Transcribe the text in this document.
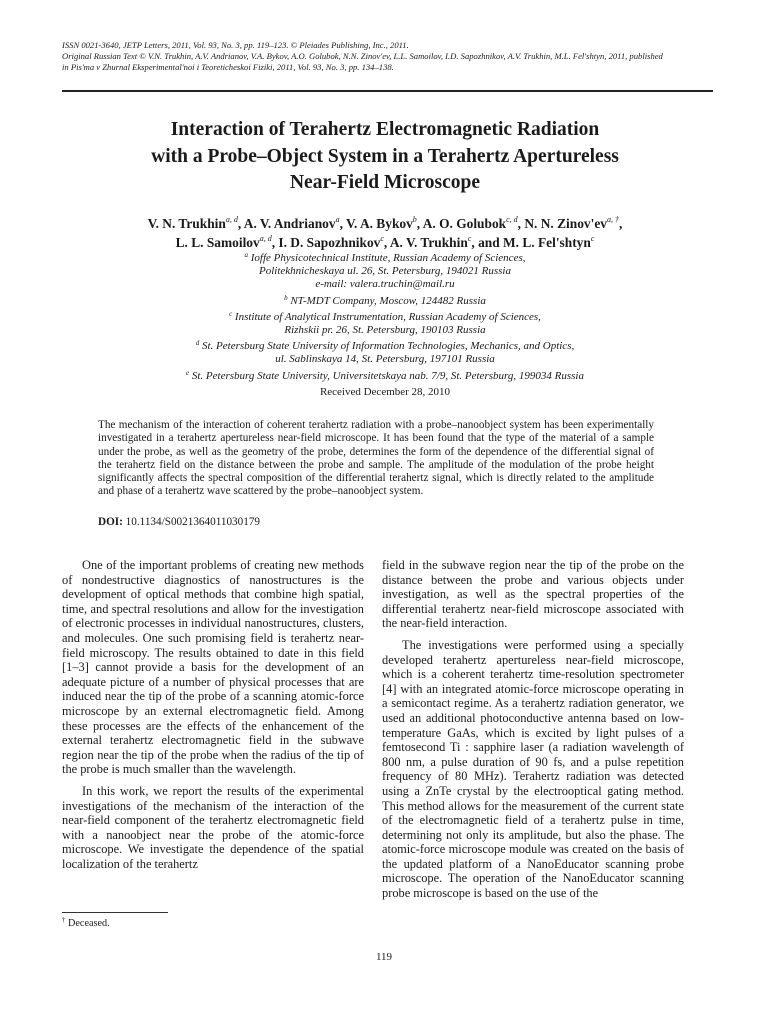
ISSN 0021-3640, JETP Letters, 2011, Vol. 93, No. 3, pp. 119–123. © Pleiades Publishing, Inc., 2011.
Original Russian Text © V.N. Trukhin, A.V. Andrianov, V.A. Bykov, A.O. Golubok, N.N. Zinov'ev, L.L. Samoilov, I.D. Sapozhnikov, A.V. Trukhin, M.L. Fel'shtyn, 2011, published
in Pis'ma v Zhurnal Eksperimental'noi i Teoreticheskoi Fiziki, 2011, Vol. 93, No. 3, pp. 134–138.
Interaction of Terahertz Electromagnetic Radiation
with a Probe–Object System in a Terahertz Apertureless
Near-Field Microscope
V. N. Trukhin$^{a, d}$, A. V. Andrianov$^a$, V. A. Bykov$^b$, A. O. Golubok$^{c, d}$, N. N. $Zinov'ev^{a, \dagger}$,
L. L. Samoilov$^{a, d}$, I. D. Sapozhnikov$^c$, A. V. Trukhin$^c$, and M. L. Fel'shtyn$^c$
$^a$ Ioffe Physicotechnical Institute, Russian Academy of Sciences,
Politekhnicheskaya ul. 26, St. Petersburg, 194021 Russia
e-mail: valera.truchin@mail.ru
$^b$ NT-MDT Company, Moscow, 124482 Russia
$^c$ Institute of Analytical Instrumentation, Russian Academy of Sciences,
Rizhskii pr. 26, St. Petersburg, 190103 Russia
$^d$ St. Petersburg State University of Information Technologies, Mechanics, and Optics,
ul. Sablinskaya 14, St. Petersburg, 197101 Russia
$^e$ St. Petersburg State University, Universitetskaya nab. 7/9, St. Petersburg, 199034 Russia
Received December 28, 2010
The mechanism of the interaction of coherent terahertz radiation with a probe–nanoobject system has been experimentally investigated in a terahertz apertureless near-field microscope. It has been found that the type of the material of a sample under the probe, as well as the geometry of the probe, determines the form of the dependence of the differential signal of the terahertz field on the distance between the probe and sample. The amplitude of the modulation of the probe height significantly affects the spectral composition of the differential terahertz signal, which is directly related to the amplitude and phase of a terahertz wave scattered by the probe–nanoobject system.
DOI: 10.1134/S0021364011030179

One of the important problems of creating new methods of nondestructive diagnostics of nanostructures is the development of optical methods that combine high spatial, time, and spectral resolutions and allow for the investigation of electronic processes in individual nanostructures, clusters, and molecules. One such promising field is terahertz near-field microscopy. The results obtained to date in this field [1–3] cannot provide a basis for the development of an adequate picture of a number of physical processes that are induced near the tip of the probe of a scanning atomic-force microscope by an external electromagnetic field. Among these processes are the effects of the enhancement of the external terahertz electromagnetic field in the subwave region near the tip of the probe when the radius of the tip of the probe is much smaller than the wavelength.

In this work, we report the results of the experimental investigations of the mechanism of the interaction of the near-field component of the terahertz electromagnetic field with a nanoobject near the probe of the atomic-force microscope. We investigate the dependence of the spatial localization of the terahertz

field in the subwave region near the tip of the probe on the distance between the probe and various objects under investigation, as well as the spectral properties of the differential terahertz near-field microscope associated with the near-field interaction.

The investigations were performed using a specially developed terahertz apertureless near-field microscope, which is a coherent terahertz time-resolution spectrometer [4] with an integrated atomic-force microscope operating in a semicontact regime. As a terahertz radiation generator, we used an additional photoconductive antenna based on low-temperature GaAs, which is excited by light pulses of a femtosecond Ti : sapphire laser (a radiation wavelength of 800 nm, a pulse duration of 90 fs, and a pulse repetition frequency of 80 MHz). Terahertz radiation was detected using a ZnTe crystal by the electrooptical gating method. This method allows for the measurement of the current state of the electromagnetic field of a terahertz pulse in time, determining not only its amplitude, but also the phase. The atomic-force microscope module was created on the basis of the updated platform of a NanoEducator scanning probe microscope. The operation of the NanoEducator scanning probe microscope is based on the use of the

† Deceased.
119
